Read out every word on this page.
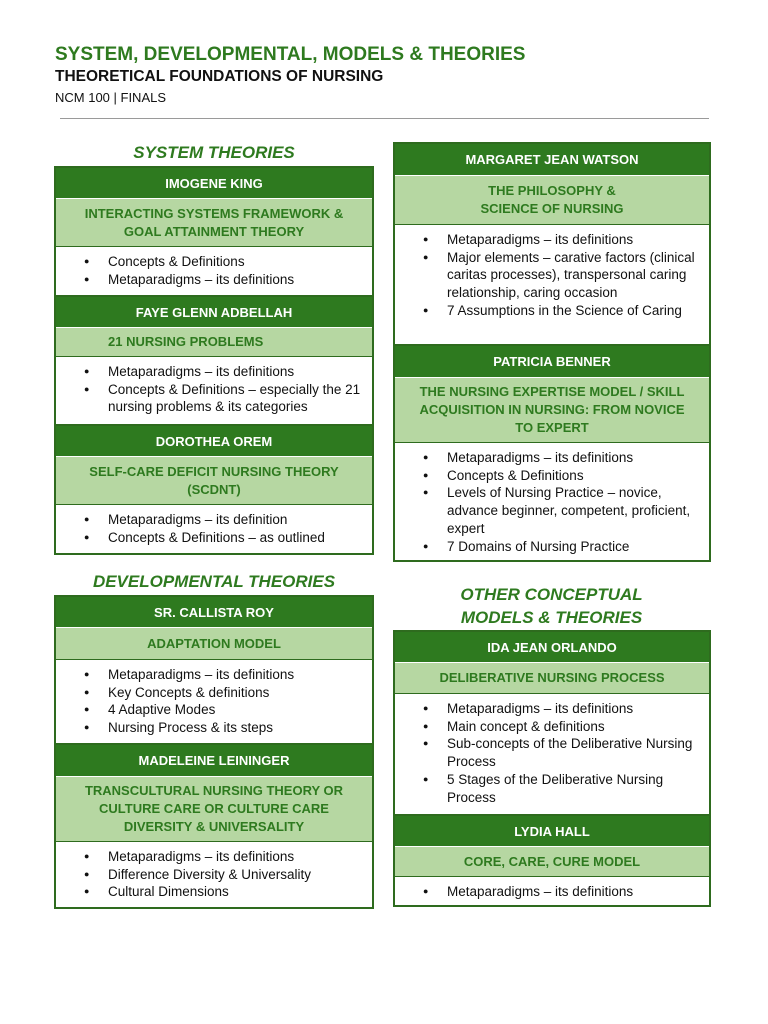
SYSTEM, DEVELOPMENTAL, MODELS & THEORIES
THEORETICAL FOUNDATIONS OF NURSING
NCM 100 | FINALS
SYSTEM THEORIES
DEVELOPMENTAL THEORIES
OTHER CONCEPTUAL
MODELS & THEORIES
IMOGENE KING
INTERACTING SYSTEMS FRAMEWORK &
GOAL ATTAINMENT THEORY
● Concepts & Definitions
● Metaparadigms – its definitions
FAYE GLENN ADBELLAH
21 NURSING PROBLEMS
● Metaparadigms – its definitions
● Concepts & Definitions – especially the 21 nursing problems & its categories
DOROTHEA OREM
SELF-CARE DEFICIT NURSING THEORY
(SCDNT)
● Metaparadigms – its definition
● Concepts & Definitions – as outlined
SR. CALLISTA ROY
ADAPTATION MODEL
● Metaparadigms – its definitions
● Key Concepts & definitions
● 4 Adaptive Modes
● Nursing Process & its steps
MADELEINE LEININGER
TRANSCULTURAL NURSING THEORY OR
CULTURE CARE OR CULTURE CARE
DIVERSITY & UNIVERSALITY
● Metaparadigms – its definitions
● Difference Diversity & Universality
● Cultural Dimensions
MARGARET JEAN WATSON
THE PHILOSOPHY &
SCIENCE OF NURSING
● Metaparadigms – its definitions
● Major elements – carative factors (clinical caritas processes), transpersonal caring relationship, caring occasion
● 7 Assumptions in the Science of Caring
PATRICIA BENNER
THE NURSING EXPERTISE MODEL / SKILL
ACQUISITION IN NURSING: FROM NOVICE
TO EXPERT
● Metaparadigms – its definitions
● Concepts & Definitions
● Levels of Nursing Practice – novice, advance beginner, competent, proficient, expert
● 7 Domains of Nursing Practice
IDA JEAN ORLANDO
DELIBERATIVE NURSING PROCESS
● Metaparadigms – its definitions
● Main concept & definitions
● Sub-concepts of the Deliberative Nursing Process
● 5 Stages of the Deliberative Nursing Process
LYDIA HALL
CORE, CARE, CURE MODEL
● Metaparadigms – its definitions
